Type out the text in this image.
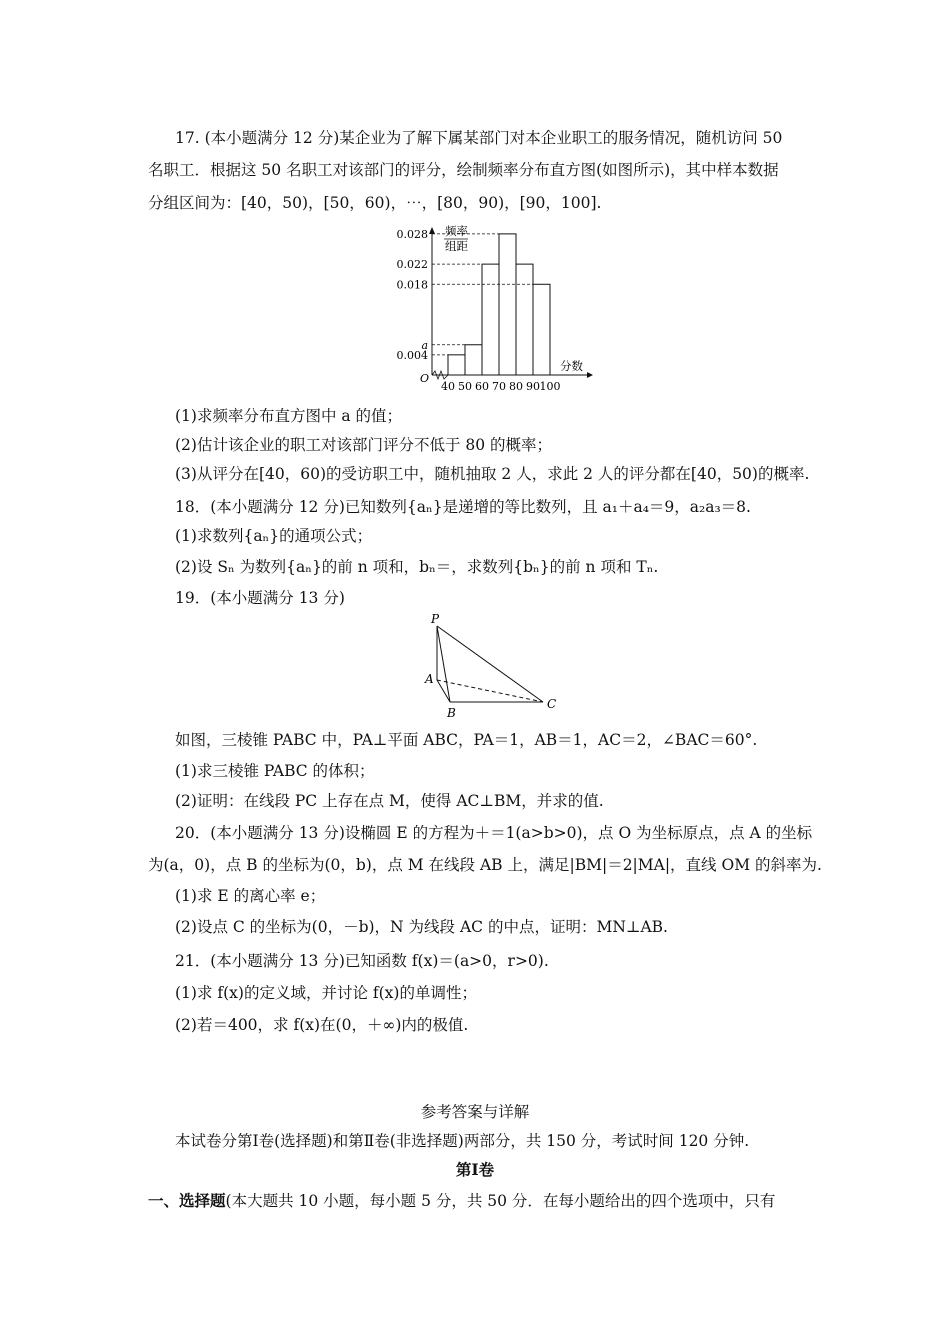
17. (本小题满分 12 分)某企业为了解下属某部门对本企业职工的服务情况，随机访问 50
名职工．根据这 50 名职工对该部门的评分，绘制频率分布直方图(如图所示)，其中样本数据
分组区间为：[40，50)，[50，60)，⋯，[80，90)，[90，100].
0.028
0.022
0.018
a
0.004
40 50 60 70 80 90 100
频率
组距
分数
O
(1)求频率分布直方图中 a 的值；
(2)估计该企业的职工对该部门评分不低于 80 的概率；
(3)从评分在[40，60)的受访职工中，随机抽取 2 人，求此 2 人的评分都在[40，50)的概率.
18．(本小题满分 12 分)已知数列{aₙ}是递增的等比数列，且 a₁＋a₄＝9，a₂a₃＝8.
(1)求数列{aₙ}的通项公式；
(2)设 Sₙ 为数列{aₙ}的前 n 项和，bₙ＝，求数列{bₙ}的前 n 项和 Tₙ.
19．(本小题满分 13 分)
P
A
B
C
如图，三棱锥 PABC 中，PA⊥平面 ABC，PA＝1，AB＝1，AC＝2，∠BAC＝60°.
(1)求三棱锥 PABC 的体积；
(2)证明：在线段 PC 上存在点 M，使得 AC⊥BM，并求的值.
20．(本小题满分 13 分)设椭圆 E 的方程为＋＝1(a>b>0)，点 O 为坐标原点，点 A 的坐标
为(a，0)，点 B 的坐标为(0，b)，点 M 在线段 AB 上，满足|BM|＝2|MA|，直线 OM 的斜率为.
(1)求 E 的离心率 e；
(2)设点 C 的坐标为(0，－b)，N 为线段 AC 的中点，证明：MN⊥AB.
21．(本小题满分 13 分)已知函数 f(x)＝(a>0，r>0).
(1)求 f(x)的定义域，并讨论 f(x)的单调性；
(2)若＝400，求 f(x)在(0，＋∞)内的极值.
参考答案与详解
本试卷分第Ⅰ卷(选择题)和第Ⅱ卷(非选择题)两部分，共 150 分，考试时间 120 分钟.
第Ⅰ卷
一、选择题(本大题共 10 小题，每小题 5 分，共 50 分．在每小题给出的四个选项中，只有
